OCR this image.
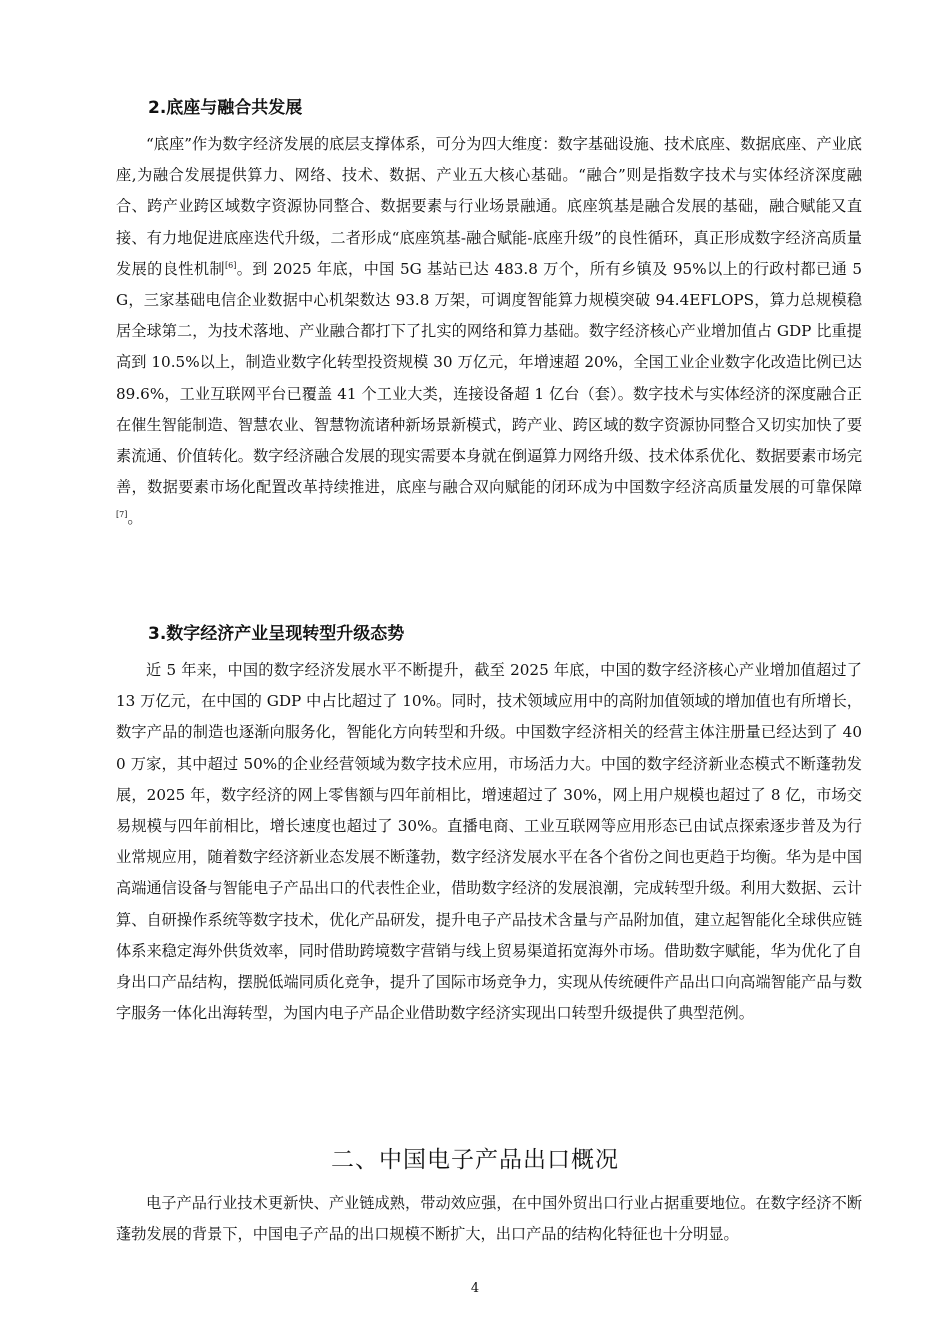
2.底座与融合共发展

“底座”作为数字经济发展的底层支撑体系，可分为四大维度：数字基础设施、技术底座、数据底座、产业底座,为融合发展提供算力、网络、技术、数据、产业五大核心基础。“融合”则是指数字技术与实体经济深度融合、跨产业跨区域数字资源协同整合、数据要素与行业场景融通。底座筑基是融合发展的基础，融合赋能又直接、有力地促进底座迭代升级，二者形成“底座筑基-融合赋能-底座升级”的良性循环，真正形成数字经济高质量发展的良性机制[6]。到 2025 年底，中国 5G 基站已达 483.8 万个，所有乡镇及 95%以上的行政村都已通 5G，三家基础电信企业数据中心机架数达 93.8 万架，可调度智能算力规模突破 94.4EFLOPS，算力总规模稳居全球第二，为技术落地、产业融合都打下了扎实的网络和算力基础。数字经济核心产业增加值占 GDP 比重提高到 10.5%以上，制造业数字化转型投资规模 30 万亿元，年增速超 20%，全国工业企业数字化改造比例已达 89.6%，工业互联网平台已覆盖 41 个工业大类，连接设备超 1 亿台（套）。数字技术与实体经济的深度融合正在催生智能制造、智慧农业、智慧物流诸种新场景新模式，跨产业、跨区域的数字资源协同整合又切实加快了要素流通、价值转化。数字经济融合发展的现实需要本身就在倒逼算力网络升级、技术体系优化、数据要素市场完善，数据要素市场化配置改革持续推进，底座与融合双向赋能的闭环成为中国数字经济高质量发展的可靠保障[7]。

3.数字经济产业呈现转型升级态势

近 5 年来，中国的数字经济发展水平不断提升，截至 2025 年底，中国的数字经济核心产业增加值超过了 13 万亿元，在中国的 GDP 中占比超过了 10%。同时，技术领域应用中的高附加值领域的增加值也有所增长，数字产品的制造也逐渐向服务化，智能化方向转型和升级。中国数字经济相关的经营主体注册量已经达到了 400 万家，其中超过 50%的企业经营领域为数字技术应用，市场活力大。中国的数字经济新业态模式不断蓬勃发展，2025 年，数字经济的网上零售额与四年前相比，增速超过了 30%，网上用户规模也超过了 8 亿，市场交易规模与四年前相比，增长速度也超过了 30%。直播电商、工业互联网等应用形态已由试点探索逐步普及为行业常规应用，随着数字经济新业态发展不断蓬勃，数字经济发展水平在各个省份之间也更趋于均衡。华为是中国高端通信设备与智能电子产品出口的代表性企业，借助数字经济的发展浪潮，完成转型升级。利用大数据、云计算、自研操作系统等数字技术，优化产品研发，提升电子产品技术含量与产品附加值，建立起智能化全球供应链体系来稳定海外供货效率，同时借助跨境数字营销与线上贸易渠道拓宽海外市场。借助数字赋能，华为优化了自身出口产品结构，摆脱低端同质化竞争，提升了国际市场竞争力，实现从传统硬件产品出口向高端智能产品与数字服务一体化出海转型，为国内电子产品企业借助数字经济实现出口转型升级提供了典型范例。

二、中国电子产品出口概况

电子产品行业技术更新快、产业链成熟，带动效应强，在中国外贸出口行业占据重要地位。在数字经济不断蓬勃发展的背景下，中国电子产品的出口规模不断扩大，出口产品的结构化特征也十分明显。

4
